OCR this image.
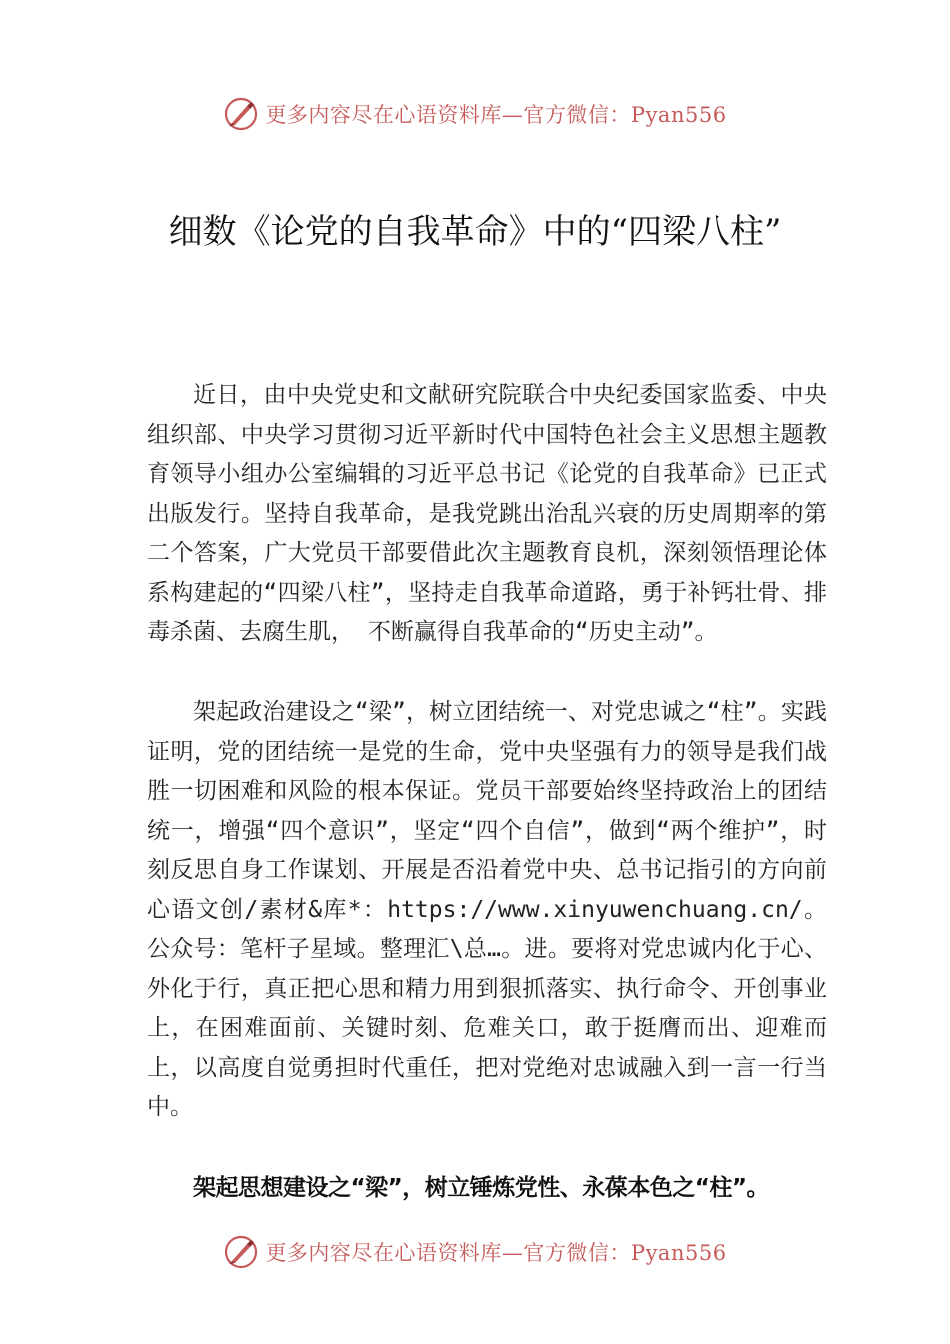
更多内容尽在心语资料库—官方微信：Pyan556
细数《论党的自我革命》中的“四梁八柱”

近日，由中央党史和文献研究院联合中央纪委国家监委、中央组织部、中央学习贯彻习近平新时代中国特色社会主义思想主题教育领导小组办公室编辑的习近平总书记《论党的自我革命》已正式出版发行。坚持自我革命，是我党跳出治乱兴衰的历史周期率的第二个答案，广大党员干部要借此次主题教育良机，深刻领悟理论体系构建起的“四梁八柱”，坚持走自我革命道路，勇于补钙壮骨、排毒杀菌、去腐生肌， 不断赢得自我革命的“历史主动”。

架起政治建设之“梁”，树立团结统一、对党忠诚之“柱”。实践证明，党的团结统一是党的生命，党中央坚强有力的领导是我们战胜一切困难和风险的根本保证。党员干部要始终坚持政治上的团结统一，增强“四个意识”，坚定“四个自信”，做到“两个维护”，时刻反思自身工作谋划、开展是否沿着党中央、总书记指引的方向前心语文创/素材&库*：https://www.xinyuwenchuang.cn/。公众号：笔杆子星域。整理汇\总…。进。要将对党忠诚内化于心、外化于行，真正把心思和精力用到狠抓落实、执行命令、开创事业上，在困难面前、关键时刻、危难关口，敢于挺膺而出、迎难而上，以高度自觉勇担时代重任，把对党绝对忠诚融入到一言一行当中。

架起思想建设之“梁”，树立锤炼党性、永葆本色之“柱”。

更多内容尽在心语资料库—官方微信：Pyan556
